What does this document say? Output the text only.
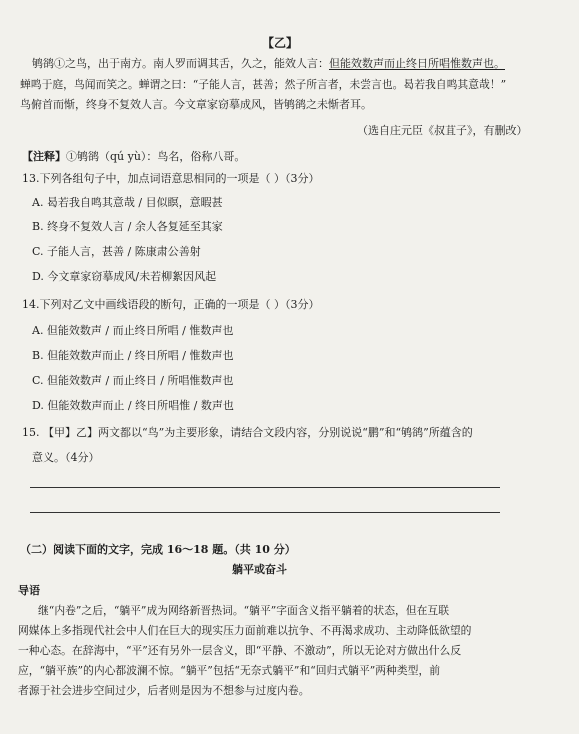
【乙】
鸲鹆①之鸟，出于南方。南人罗而调其舌，久之，能效人言：但能效数声而止终日所唱惟数声也。
蝉鸣于庭，鸟闻而笑之。蝉谓之曰：“子能人言，甚善；然子所言者，未尝言也。曷若我自鸣其意哉！”
鸟俯首而惭，终身不复效人言。今文章家窃摹成风，皆鸲鹆之未惭者耳。
（选自庄元臣《叔苴子》，有删改）
【注释】①鸲鹆（qú yù）：鸟名，俗称八哥。
13.下列各组句子中，加点词语意思相同的一项是（ ）（3分）
A. 曷若我自鸣其意哉 / 目似瞑，意暇甚
B. 终身不复效人言 / 余人各复延至其家
C. 子能人言，甚善 / 陈康肃公善射
D. 今文章家窃摹成风/未若柳絮因风起
14.下列对乙文中画线语段的断句，正确的一项是（ ）（3分）
A. 但能效数声 / 而止终日所唱 / 惟数声也
B. 但能效数声而止 / 终日所唱 / 惟数声也
C. 但能效数声 / 而止终日 / 所唱惟数声也
D. 但能效数声而止 / 终日所唱惟 / 数声也
15. 【甲】乙】两文都以“鸟”为主要形象，请结合文段内容，分别说说“鹏”和“鸲鹆”所蕴含的
意义。（4分）
（二）阅读下面的文字，完成 16～18 题。（共 10 分）
躺平或奋斗
导语
继“内卷”之后，“躺平”成为网络新晋热词。“躺平”字面含义指平躺着的状态，但在互联
网媒体上多指现代社会中人们在巨大的现实压力面前难以抗争、不再渴求成功、主动降低欲望的
一种心态。在辞海中，“平”还有另外一层含义，即“平静、不激动”，所以无论对方做出什么反
应，“躺平族”的内心都波澜不惊。“躺平”包括“无奈式躺平”和“回归式躺平”两种类型，前
者源于社会进步空间过少，后者则是因为不想参与过度内卷。
